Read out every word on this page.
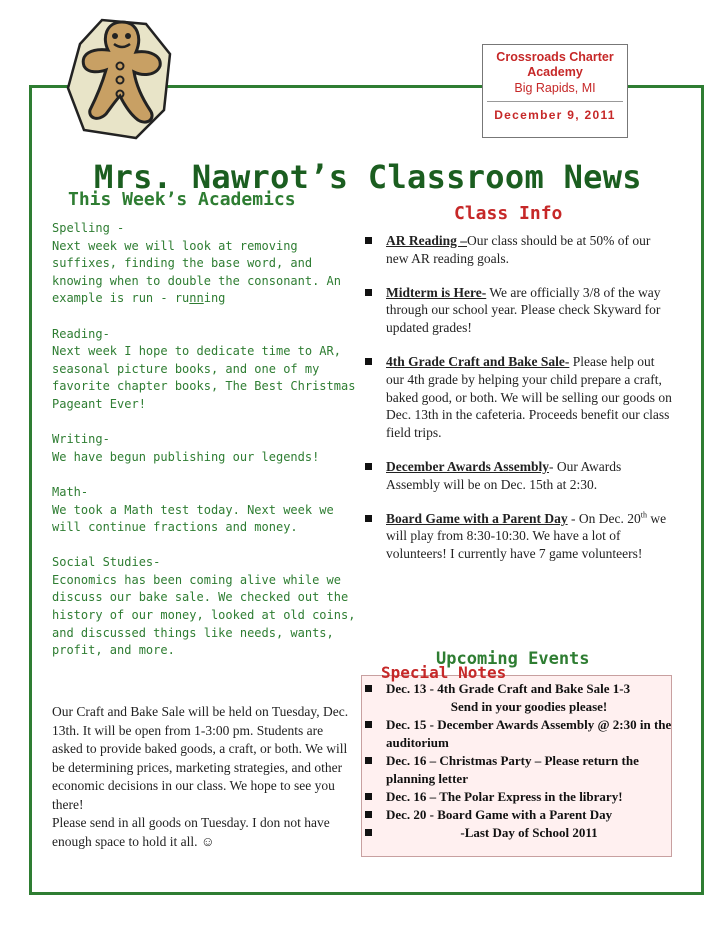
Crossroads Charter Academy
Big Rapids, MI
December 9, 2011
Mrs. Nawrot’s Classroom News
This Week’s Academics
Class Info

Spelling -
Next week we will look at removing suffixes, finding the base word, and knowing when to double the consonant. An example is run - running

Reading-
Next week I hope to dedicate time to AR, seasonal picture books, and one of my favorite chapter books, The Best Christmas Pageant Ever!

Writing-
We have begun publishing our legends!

Math-
We took a Math test today. Next week we will continue fractions and money.

Social Studies-
Economics has been coming alive while we discuss our bake sale. We checked out the history of our money, looked at old coins, and discussed things like needs, wants, profit, and more.

AR Reading –Our class should be at 50% of our new AR reading goals.
Midterm is Here- We are officially 3/8 of the way through our school year. Please check Skyward for updated grades!
4th Grade Craft and Bake Sale- Please help out our 4th grade by helping your child prepare a craft, baked good, or both. We will be selling our goods on Dec. 13th in the cafeteria. Proceeds benefit our class field trips.
December Awards Assembly- Our Awards Assembly will be on Dec. 15th at 2:30.
Board Game with a Parent Day - On Dec. 20th we will play from 8:30-10:30. We have a lot of volunteers! I currently have 7 game volunteers!
Upcoming Events
Special Notes
Dec. 13 - 4th Grade Craft and Bake Sale 1-3
Send in your goodies please!
Dec. 15 - December Awards Assembly @ 2:30 in the auditorium
Dec. 16 – Christmas Party – Please return the planning letter
Dec. 16 – The Polar Express in the library!
Dec. 20 - Board Game with a Parent Day
-Last Day of School 2011

Our Craft and Bake Sale will be held on Tuesday, Dec. 13th. It will be open from 1-3:00 pm. Students are asked to provide baked goods, a craft, or both. We will be determining prices, marketing strategies, and other economic decisions in our class. We hope to see you there!

Please send in all goods on Tuesday. I don not have enough space to hold it all. ☺
